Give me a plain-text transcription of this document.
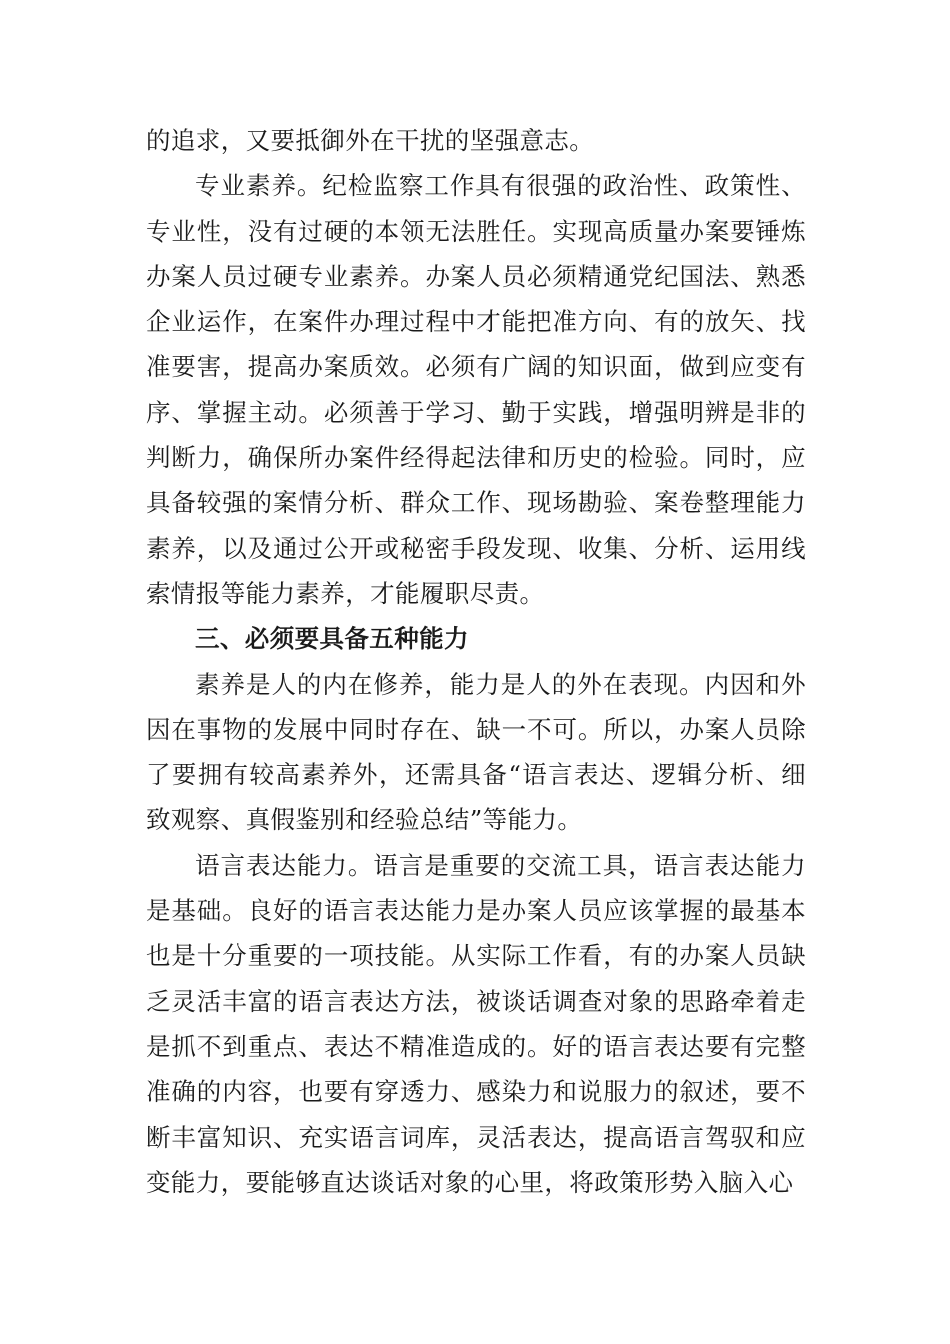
的追求，又要抵御外在干扰的坚强意志。

专业素养。纪检监察工作具有很强的政治性、政策性、专业性，没有过硬的本领无法胜任。实现高质量办案要锤炼办案人员过硬专业素养。办案人员必须精通党纪国法、熟悉企业运作，在案件办理过程中才能把准方向、有的放矢、找准要害，提高办案质效。必须有广阔的知识面，做到应变有序、掌握主动。必须善于学习、勤于实践，增强明辨是非的判断力，确保所办案件经得起法律和历史的检验。同时，应具备较强的案情分析、群众工作、现场勘验、案卷整理能力素养，以及通过公开或秘密手段发现、收集、分析、运用线索情报等能力素养，才能履职尽责。

三、必须要具备五种能力

素养是人的内在修养，能力是人的外在表现。内因和外因在事物的发展中同时存在、缺一不可。所以，办案人员除了要拥有较高素养外，还需具备“语言表达、逻辑分析、细致观察、真假鉴别和经验总结”等能力。

语言表达能力。语言是重要的交流工具，语言表达能力是基础。良好的语言表达能力是办案人员应该掌握的最基本也是十分重要的一项技能。从实际工作看，有的办案人员缺乏灵活丰富的语言表达方法，被谈话调查对象的思路牵着走是抓不到重点、表达不精准造成的。好的语言表达要有完整准确的内容，也要有穿透力、感染力和说服力的叙述，要不断丰富知识、充实语言词库，灵活表达，提高语言驾驭和应变能力，要能够直达谈话对象的心里，将政策形势入脑入心
